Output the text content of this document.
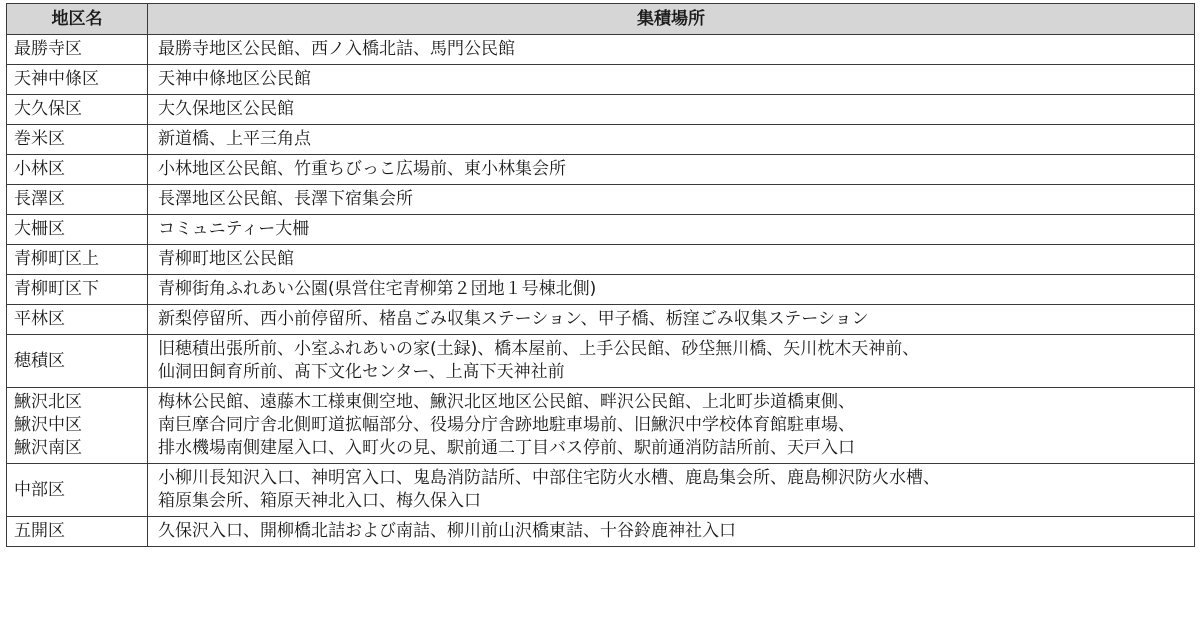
地区名	集積場所

最勝寺区	最勝寺地区公民館、西ノ入橋北詰、馬門公民館

天神中條区	天神中條地区公民館

大久保区	大久保地区公民館

巻米区	新道橋、上平三角点

小林区	小林地区公民館、竹重ちびっこ広場前、東小林集会所

長澤区	長澤地区公民館、長澤下宿集会所

大柵区	コミュニティー大柵

青柳町区上	青柳町地区公民館

青柳町区下	青柳街角ふれあい公園(県営住宅青柳第２団地１号棟北側)

平林区	新梨停留所、西小前停留所、楮畠ごみ収集ステーション、甲子橋、栃窪ごみ収集ステーション

穂積区	旧穂積出張所前、小室ふれあいの家(土録)、橋本屋前、上手公民館、砂垈無川橋、矢川枕木天神前、
仙洞田飼育所前、髙下文化センター、上髙下天神社前

鰍沢北区
鰍沢中区
鰍沢南区	梅林公民館、遠藤木工様東側空地、鰍沢北区地区公民館、畔沢公民館、上北町歩道橋東側、
南巨摩合同庁舎北側町道拡幅部分、役場分庁舎跡地駐車場前、旧鰍沢中学校体育館駐車場、
排水機場南側建屋入口、入町火の見、駅前通二丁目バス停前、駅前通消防詰所前、天戸入口

中部区	小柳川長知沢入口、神明宮入口、鬼島消防詰所、中部住宅防火水槽、鹿島集会所、鹿島柳沢防火水槽、
箱原集会所、箱原天神北入口、梅久保入口

五開区	久保沢入口、開柳橋北詰および南詰、柳川前山沢橋東詰、十谷鈴鹿神社入口
